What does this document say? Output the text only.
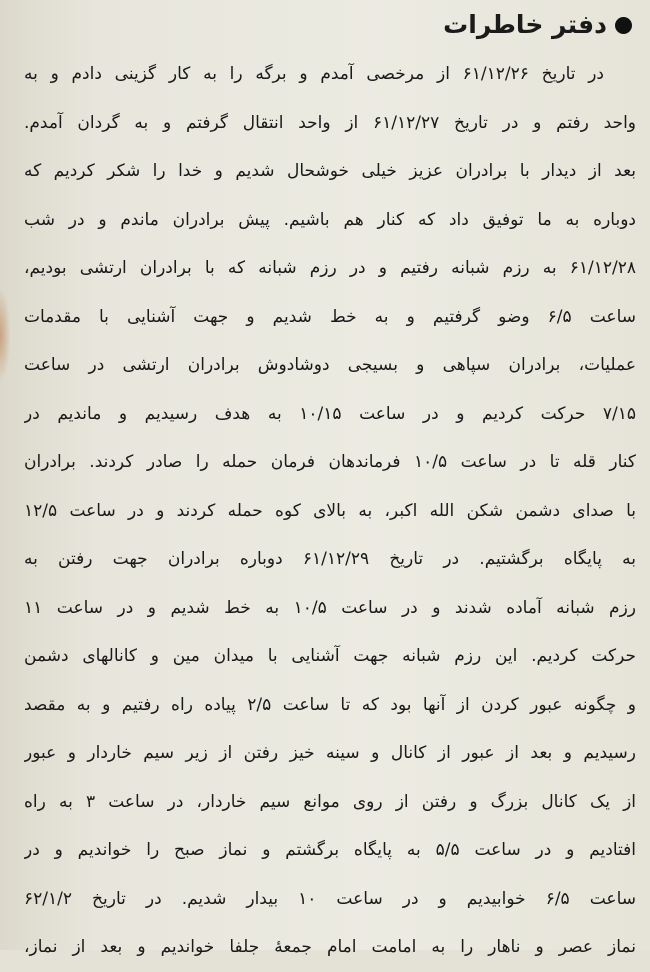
دفتر خاطرات
در تاریخ ۶۱/۱۲/۲۶ از مرخصی آمدم و برگه را به کار گزینی دادم و به
واحد رفتم و در تاریخ ۶۱/۱۲/۲۷ از واحد انتقال گرفتم و به گردان آمدم.
بعد از دیدار با برادران عزیز خیلی خوشحال شدیم و خدا را شکر کردیم که
دوباره به ما توفیق داد که کنار هم باشیم. پیش برادران ماندم و در شب
۶۱/۱۲/۲۸ به رزم شبانه رفتیم و در رزم شبانه که با برادران ارتشی بودیم،
ساعت ۶/۵ وضو گرفتیم و به خط شدیم و جهت آشنایی با مقدمات
عملیات، برادران سپاهی و بسیجی دوشادوش برادران ارتشی در ساعت
۷/۱۵ حرکت کردیم و در ساعت ۱۰/۱۵ به هدف رسیدیم و ماندیم در
کنار قله تا در ساعت ۱۰/۵ فرماندهان فرمان حمله را صادر کردند. برادران
با صدای دشمن شکن الله اکبر، به بالای کوه حمله کردند و در ساعت ۱۲/۵
به پایگاه برگشتیم. در تاریخ ۶۱/۱۲/۲۹ دوباره برادران جهت رفتن به
رزم شبانه آماده شدند و در ساعت ۱۰/۵ به خط شدیم و در ساعت ۱۱
حرکت کردیم. این رزم شبانه جهت آشنایی با میدان مین و کانالهای دشمن
و چگونه عبور کردن از آنها بود که تا ساعت ۲/۵ پیاده راه رفتیم و به مقصد
رسیدیم و بعد از عبور از کانال و سینه خیز رفتن از زیر سیم خاردار و عبور
از یک کانال بزرگ و رفتن از روی موانع سیم خاردار، در ساعت ۳ به راه
افتادیم و در ساعت ۵/۵ به پایگاه برگشتم و نماز صبح را خواندیم و در
ساعت ۶/۵ خوابیدیم و در ساعت ۱۰ بیدار شدیم. در تاریخ ۶۲/۱/۲
نماز عصر و ناهار را به امامت امام جمعهٔ جلفا خواندیم و بعد از نماز،
